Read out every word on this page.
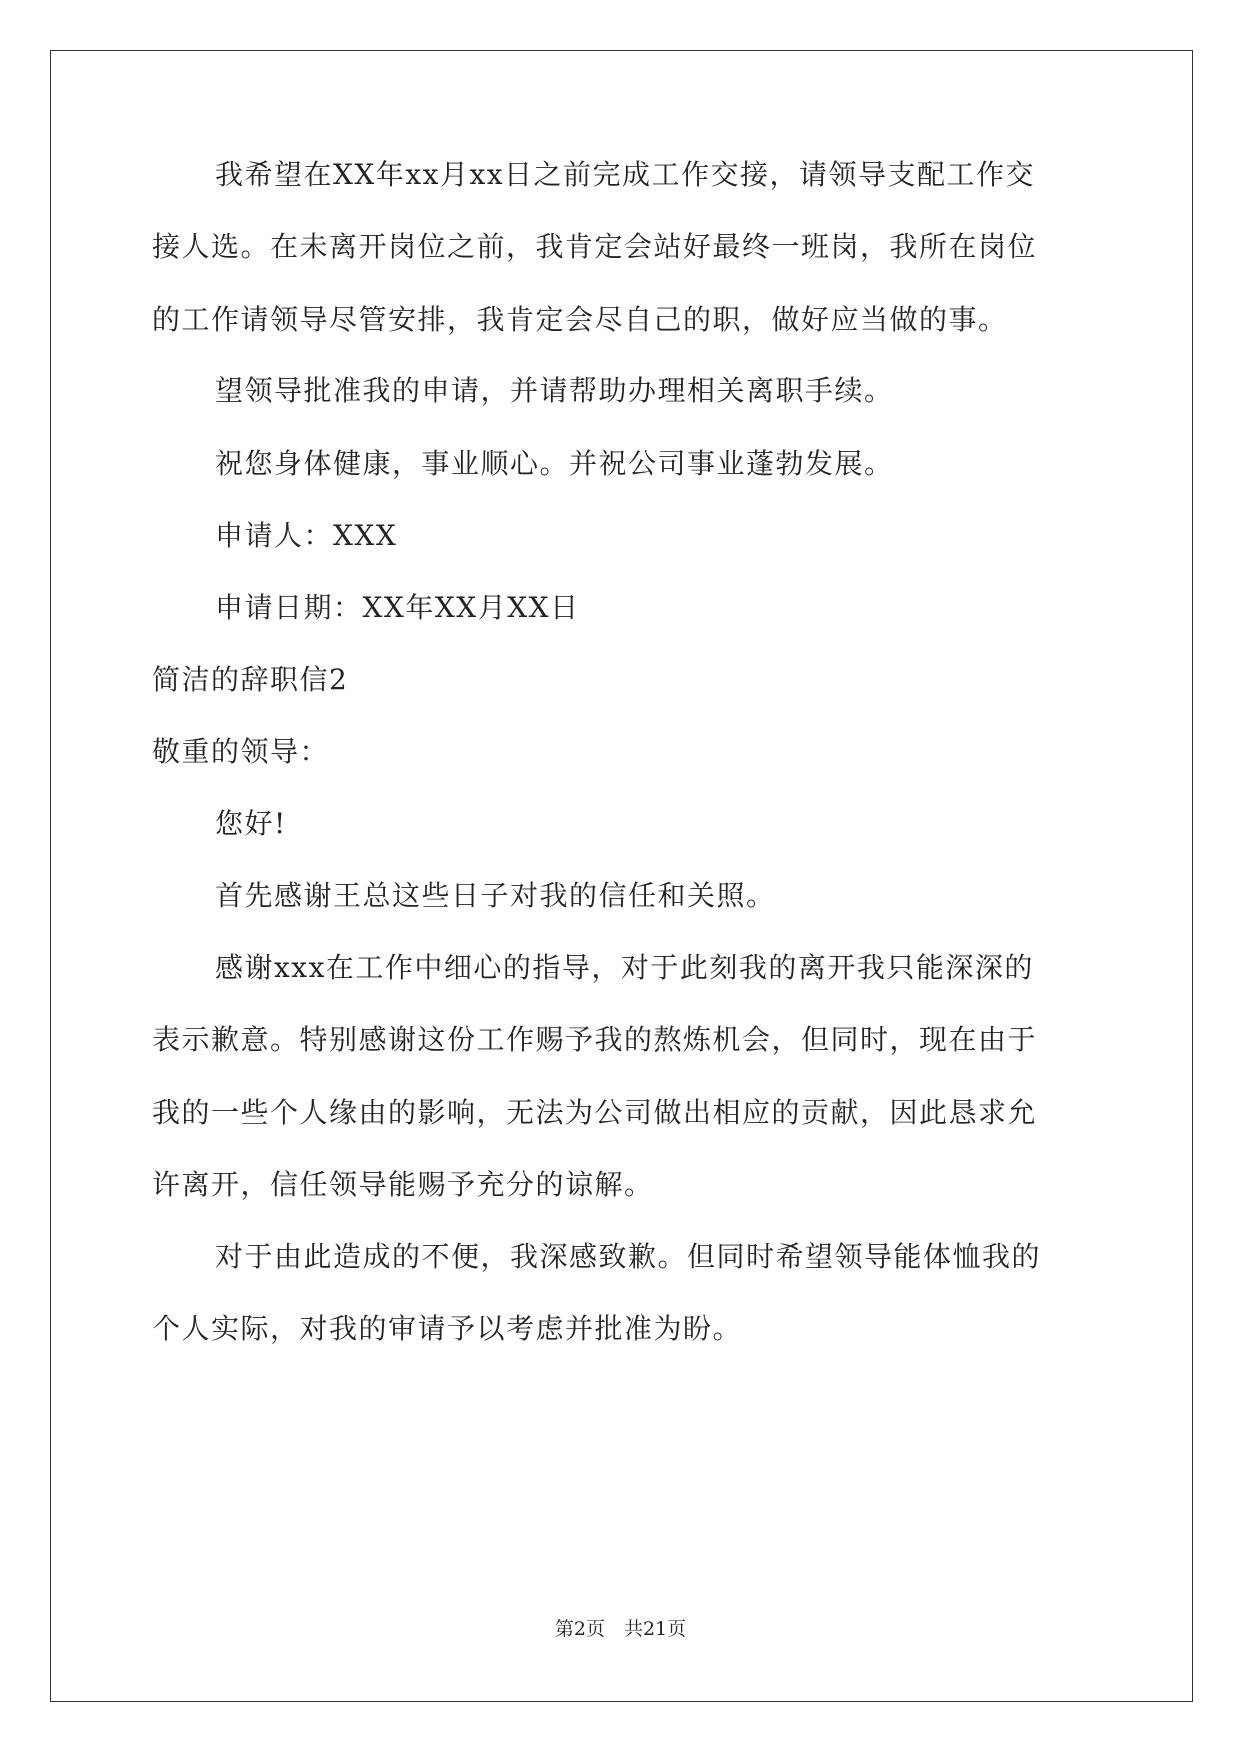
我希望在XX年xx月xx日之前完成工作交接，请领导支配工作交
接人选。在未离开岗位之前，我肯定会站好最终一班岗，我所在岗位
的工作请领导尽管安排，我肯定会尽自己的职，做好应当做的事。
望领导批准我的申请，并请帮助办理相关离职手续。
祝您身体健康，事业顺心。并祝公司事业蓬勃发展。
申请人：XXX
申请日期：XX年XX月XX日
简洁的辞职信2
敬重的领导：
您好!
首先感谢王总这些日子对我的信任和关照。
感谢xxx在工作中细心的指导，对于此刻我的离开我只能深深的
表示歉意。特别感谢这份工作赐予我的熬炼机会，但同时，现在由于
我的一些个人缘由的影响，无法为公司做出相应的贡献，因此恳求允
许离开，信任领导能赐予充分的谅解。
对于由此造成的不便，我深感致歉。但同时希望领导能体恤我的
个人实际，对我的审请予以考虑并批准为盼。
第2页　共21页
